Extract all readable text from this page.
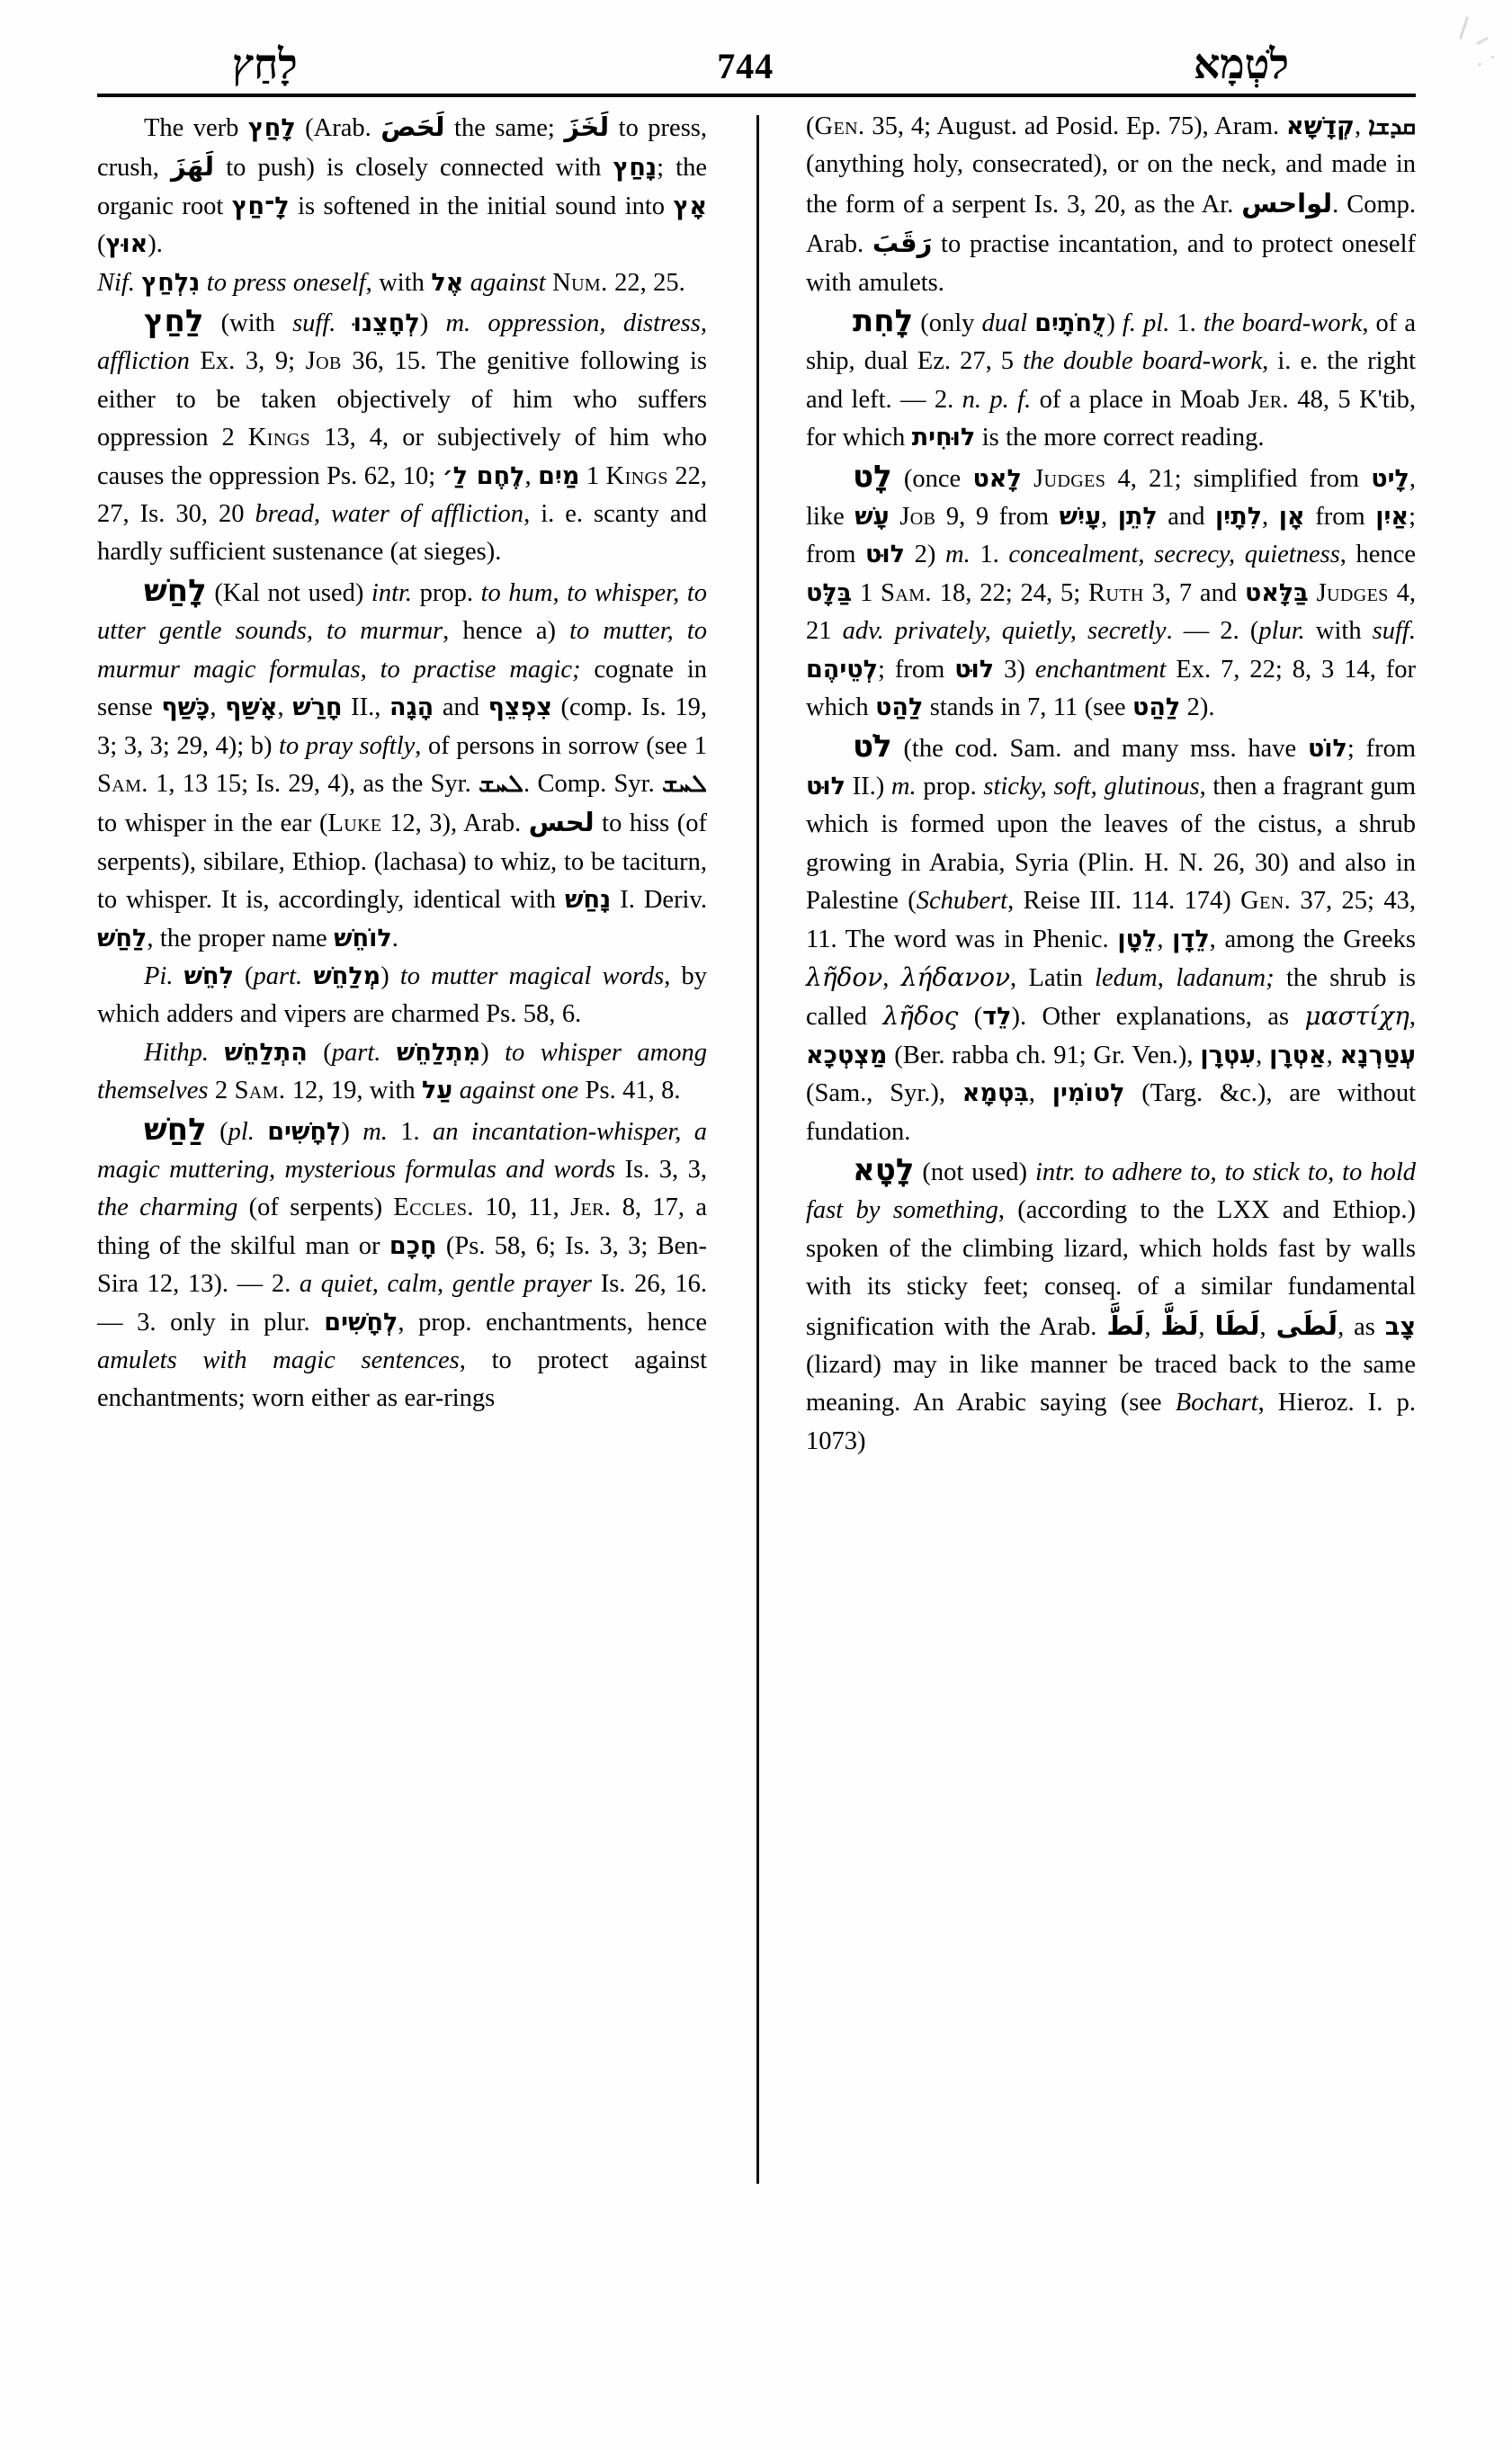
לָחַץ	744	לֹטְמָא

The verb לָחַץ (Arab. لَحَصَ the same; لَخَزَ to press, crush, لَهَزَ to push) is closely connected with נָחַץ; the organic root לָ־חַץ is softened in the initial sound into אָץ (אוּץ).

Nif. נִלְחַץ to press oneself, with אֶל against Num. 22, 25.

לַחַץ (with suff. לְחָצֵנוּ) m. oppression, distress, affliction Ex. 3, 9; Job 36, 15. The genitive following is either to be taken objectively of him who suffers oppression 2 Kings 13, 4, or subjectively of him who causes the oppression Ps. 62, 10; לֶחֶם לַ׳, מַיִם 1 Kings 22, 27, Is. 30, 20 bread, water of affliction, i. e. scanty and hardly sufficient sustenance (at sieges).

לָחַשׁ (Kal not used) intr. prop. to hum, to whisper, to utter gentle sounds, to murmur, hence a) to mutter, to murmur magic formulas, to practise magic; cognate in sense כָּשַׁף, אָשַׁף, חָרַשׁ II., הָגָה and צִפְצֵף (comp. Is. 19, 3; 3, 3; 29, 4); b) to pray softly, of persons in sorrow (see 1 Sam. 1, 13 15; Is. 29, 4), as the Syr. ܠܚܫ. Comp. Syr. ܠܚܫ to whisper in the ear (Luke 12, 3), Arab. لحس to hiss (of serpents), sibilare, Ethiop. (lachasa) to whiz, to be taciturn, to whisper. It is, accordingly, identical with נָחַשׁ I. Deriv. לַחַשׁ, the proper name לוֹחֵשׁ.

Pi. לִחֵשׁ (part. מְלַחֵשׁ) to mutter magical words, by which adders and vipers are charmed Ps. 58, 6.

Hithp. הִתְלַחֵשׁ (part. מִתְלַחֵשׁ) to whisper among themselves 2 Sam. 12, 19, with עַל against one Ps. 41, 8.

לַחַשׁ (pl. לְחָשִׁים) m. 1. an incantation-whisper, a magic muttering, mysterious formulas and words Is. 3, 3, the charming (of serpents) Eccles. 10, 11, Jer. 8, 17, a thing of the skilful man or חָכָם (Ps. 58, 6; Is. 3, 3; Ben-Sira 12, 13). — 2. a quiet, calm, gentle prayer Is. 26, 16. — 3. only in plur. לְחָשִׁים, prop. enchantments, hence amulets with magic sentences, to protect against enchantments; worn either as ear-rings

(Gen. 35, 4; August. ad Posid. Ep. 75), Aram. קְדָשָׁא, ܩܕܫܐ (anything holy, consecrated), or on the neck, and made in the form of a serpent Is. 3, 20, as the Ar. لواحس. Comp. Arab. رَقَبَ to practise incantation, and to protect oneself with amulets.

לָחִת (only dual לֻחֹתָיִם) f. pl. 1. the board-work, of a ship, dual Ez. 27, 5 the double board-work, i. e. the right and left. — 2. n. p. f. of a place in Moab Jer. 48, 5 K'tib, for which לוּחִית is the more correct reading.

לָט (once לָאט Judges 4, 21; simplified from לָיט, like עָשׁ Job 9, 9 from עָיִשׁ, לִתֵן and לִתָיִן, אָן from אַיִן; from לוּט 2) m. 1. concealment, secrecy, quietness, hence בַּלָּט 1 Sam. 18, 22; 24, 5; Ruth 3, 7 and בַּלָּאט Judges 4, 21 adv. privately, quietly, secretly. — 2. (plur. with suff. לְטֵיהֶם; from לוּט 3) enchantment Ex. 7, 22; 8, 3 14, for which לַהַט stands in 7, 11 (see לַהַט 2).

לֹט (the cod. Sam. and many mss. have לוֹט; from לוּט II.) m. prop. sticky, soft, glutinous, then a fragrant gum which is formed upon the leaves of the cistus, a shrub growing in Arabia, Syria (Plin. H. N. 26, 30) and also in Palestine (Schubert, Reise III. 114. 174) Gen. 37, 25; 43, 11. The word was in Phenic. לֵטָן, לֵדָן, among the Greeks λῆδον, λήδανον, Latin ledum, ladanum; the shrub is called λῆδος (לֵד). Other explanations, as μαστίχη, מַצְטְכָא (Ber. rabba ch. 91; Gr. Ven.), עִטְרָן, אַטְרָן, עְטַרְנָא (Sam., Syr.), בִּטְמָא, לְטוֹמִין (Targ. &c.), are without fundation.

לָטָא (not used) intr. to adhere to, to stick to, to hold fast by something, (according to the LXX and Ethiop.) spoken of the climbing lizard, which holds fast by walls with its sticky feet; conseq. of a similar fundamental signification with the Arab. لَطَّ, لَظَّ, لَطَا, لَطَى, as צָב (lizard) may in like manner be traced back to the same meaning. An Arabic saying (see Bochart, Hieroz. I. p. 1073)
